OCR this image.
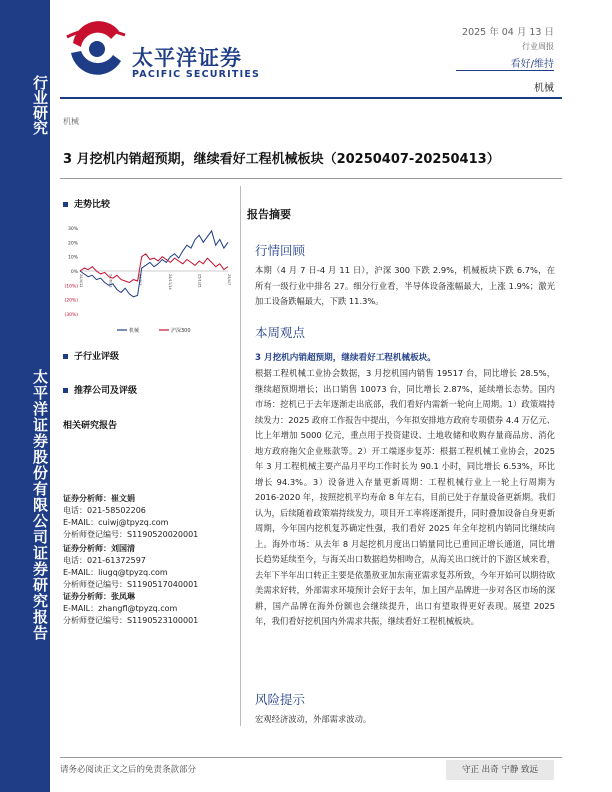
行业研究
太平洋证券股份有限公司证券研究报告
太平洋证券
PACIFIC SECURITIES
2025 年 04 月 13 日
行业周报
看好/维持
机械
机械
3 月挖机内销超预期，继续看好工程机械板块（20250407-20250413）
走势比较
30%
20%
10%
0%
(10%)
(20%)
(30%)
24/4/12	24/6/23	24/9/3	24/11/14	25/1/25	25/4/7
机械	沪深300
子行业评级
推荐公司及评级
相关研究报告
证券分析师：崔文娟
电话：021-58502206
E-MAIL：cuiwj@tpyzq.com
分析师登记编号：S1190520020001
证券分析师：刘国清
电话：021-61372597
E-MAIL：liugq@tpyzq.com
分析师登记编号：S1190517040001
证券分析师：张凤琳
E-MAIL：zhangfl@tpyzq.com
分析师登记编号：S1190523100001
报告摘要
行情回顾
本期（4 月 7 日-4 月 11 日），沪深 300 下跌 2.9%，机械板块下跌 6.7%，在所有一级行业中排名 27。细分行业看，半导体设备涨幅最大，上涨 1.9%；激光加工设备跌幅最大，下跌 11.3%。
本周观点
3 月挖机内销超预期，继续看好工程机械板块。
根据工程机械工业协会数据，3 月挖机国内销售 19517 台，同比增长 28.5%，继续超预期增长；出口销售 10073 台，同比增长 2.87%，延续增长态势。国内市场：挖机已于去年逐渐走出底部，我们看好内需新一轮向上周期。1）政策端持续发力：2025 政府工作报告中提出，今年拟安排地方政府专项债券 4.4 万亿元、比上年增加 5000 亿元，重点用于投资建设、土地收储和收购存量商品房、消化地方政府拖欠企业账款等。2）开工端逐步复苏：根据工程机械工业协会，2025 年 3 月工程机械主要产品月平均工作时长为 90.1 小时，同比增长 6.53%，环比增长 94.3%。3）设备进入存量更新周期：工程机械行业上一轮上行周期为 2016-2020 年，按照挖机平均寿命 8 年左右，目前已处于存量设备更新期。我们认为，后续随着政策端持续发力，项目开工率将逐渐提升，同时叠加设备自身更新周期，今年国内挖机复苏确定性强，我们看好 2025 年全年挖机内销同比继续向上。海外市场：从去年 8 月起挖机月度出口销量同比已重回正增长通道，同比增长趋势延续至今，与海关出口数据趋势相吻合，从海关出口统计的下游区域来看，去年下半年出口转正主要是依墨敖亚加东南亚需求复苏所致，今年开始可以期待欧美需求好转，外部需求环境预计会好于去年，加上国产品牌进一步对各区市场的深耕，国产品牌在海外份额也会继续提升，出口有望取得更好表现。展望 2025 年，我们看好挖机国内外需求共振，继续看好工程机械板块。
风险提示
宏观经济波动，外部需求波动。
请务必阅读正文之后的免责条款部分	守正 出奇 宁静 致远
